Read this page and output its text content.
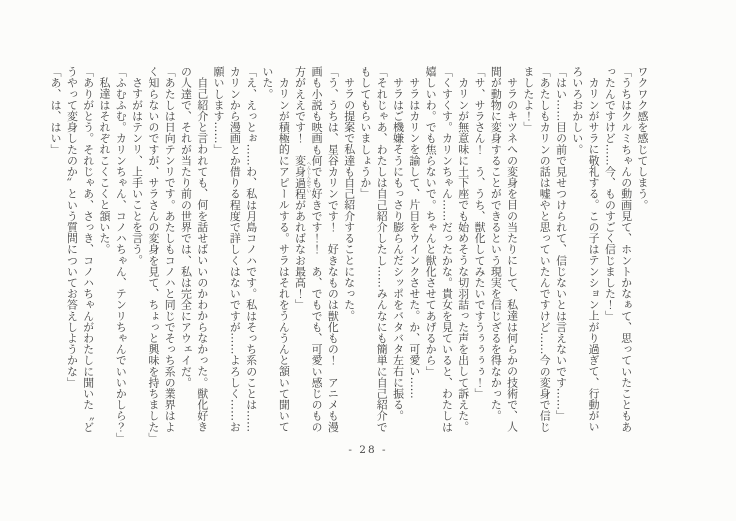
ワクワク感を感じてしまう。

「うちはクルミちゃんの動画見て、ホントかなぁて、思っていたこともあったんですけど……今、ものすごく信じました！」

カリンがサラに敬礼する。この子はテンション上がり過ぎて、行動がいろいろおかしい。

「はい……目の前で見せつけられて、信じないとは言えないです……」

「あたしもカリンの話は嘘やと思っていたんですけど……今の変身で信じましたよ！」

サラのキツネへの変身を目の当たりにして、私達は何らかの技術で、人間が動物に変身することができるという現実を信じざるを得なかった。

「サ、サラさん！　う、うち、獣化してみたいですうぅぅぅぅ！」

カリンが無意味に土下座でも始めそうな切羽詰った声を出して訴えた。

「くすくす。カリンちゃん……だったかな。貴女を見ていると、わたしは嬉しいわ。でも焦らないで。ちゃんと獣化させてあげるから」

サラはカリンを諭して、片目をウインクさせた。か、可愛い……

サラはご機嫌そうにもっさり膨らんだシッポをバタバタ左右に振る。

「それじゃあ、わたしは自己紹介したし……みんなにも簡単に自己紹介でもしてもらいましょうか」

サラの提案で私達も自己紹介することになった。

「う、うちは、星谷カリンです！　好きなものは獣化もの！　アニメも漫画も小説も映画も何でも好きです！！　あ、でもでも、可愛い感じのもの方がええです！　変身過程 へんしんかていがあればなお最高！」

カリンが積極的にアピールする。サラはそれをうんうんと頷いて聞いていた。

「え、えっとぉ……わ、私は月島コノハです。私はそっち系のことは……カリンから漫画とか借りる程度で詳しくはないですが……よろしく……お願いします……」

自己紹介と言われても、何を話せばいいのかわからなかった。獣化好きの人達で、それが当たり前の世界では、私は完全にアウェイだ。

「あたしは日向テンリです。あたしもコノハと同じでそっち系の業界はよく知らないのですが、サラさんの変身を見て、ちょっと興味を持ちました」

さすがはテンリ、上手いことを言う。

「ふむふむ。カリンちゃん、コノハちゃん、テンリちゃんでいいかしら？」

私達はそれぞれこくこくと頷いた。

「ありがとう。それじゃあ、さっき、コノハちゃんがわたしに聞いた〝どうやって変身したのか〟という質問についてお答えしようかな」

「あ、は、はい」

- 28 -
